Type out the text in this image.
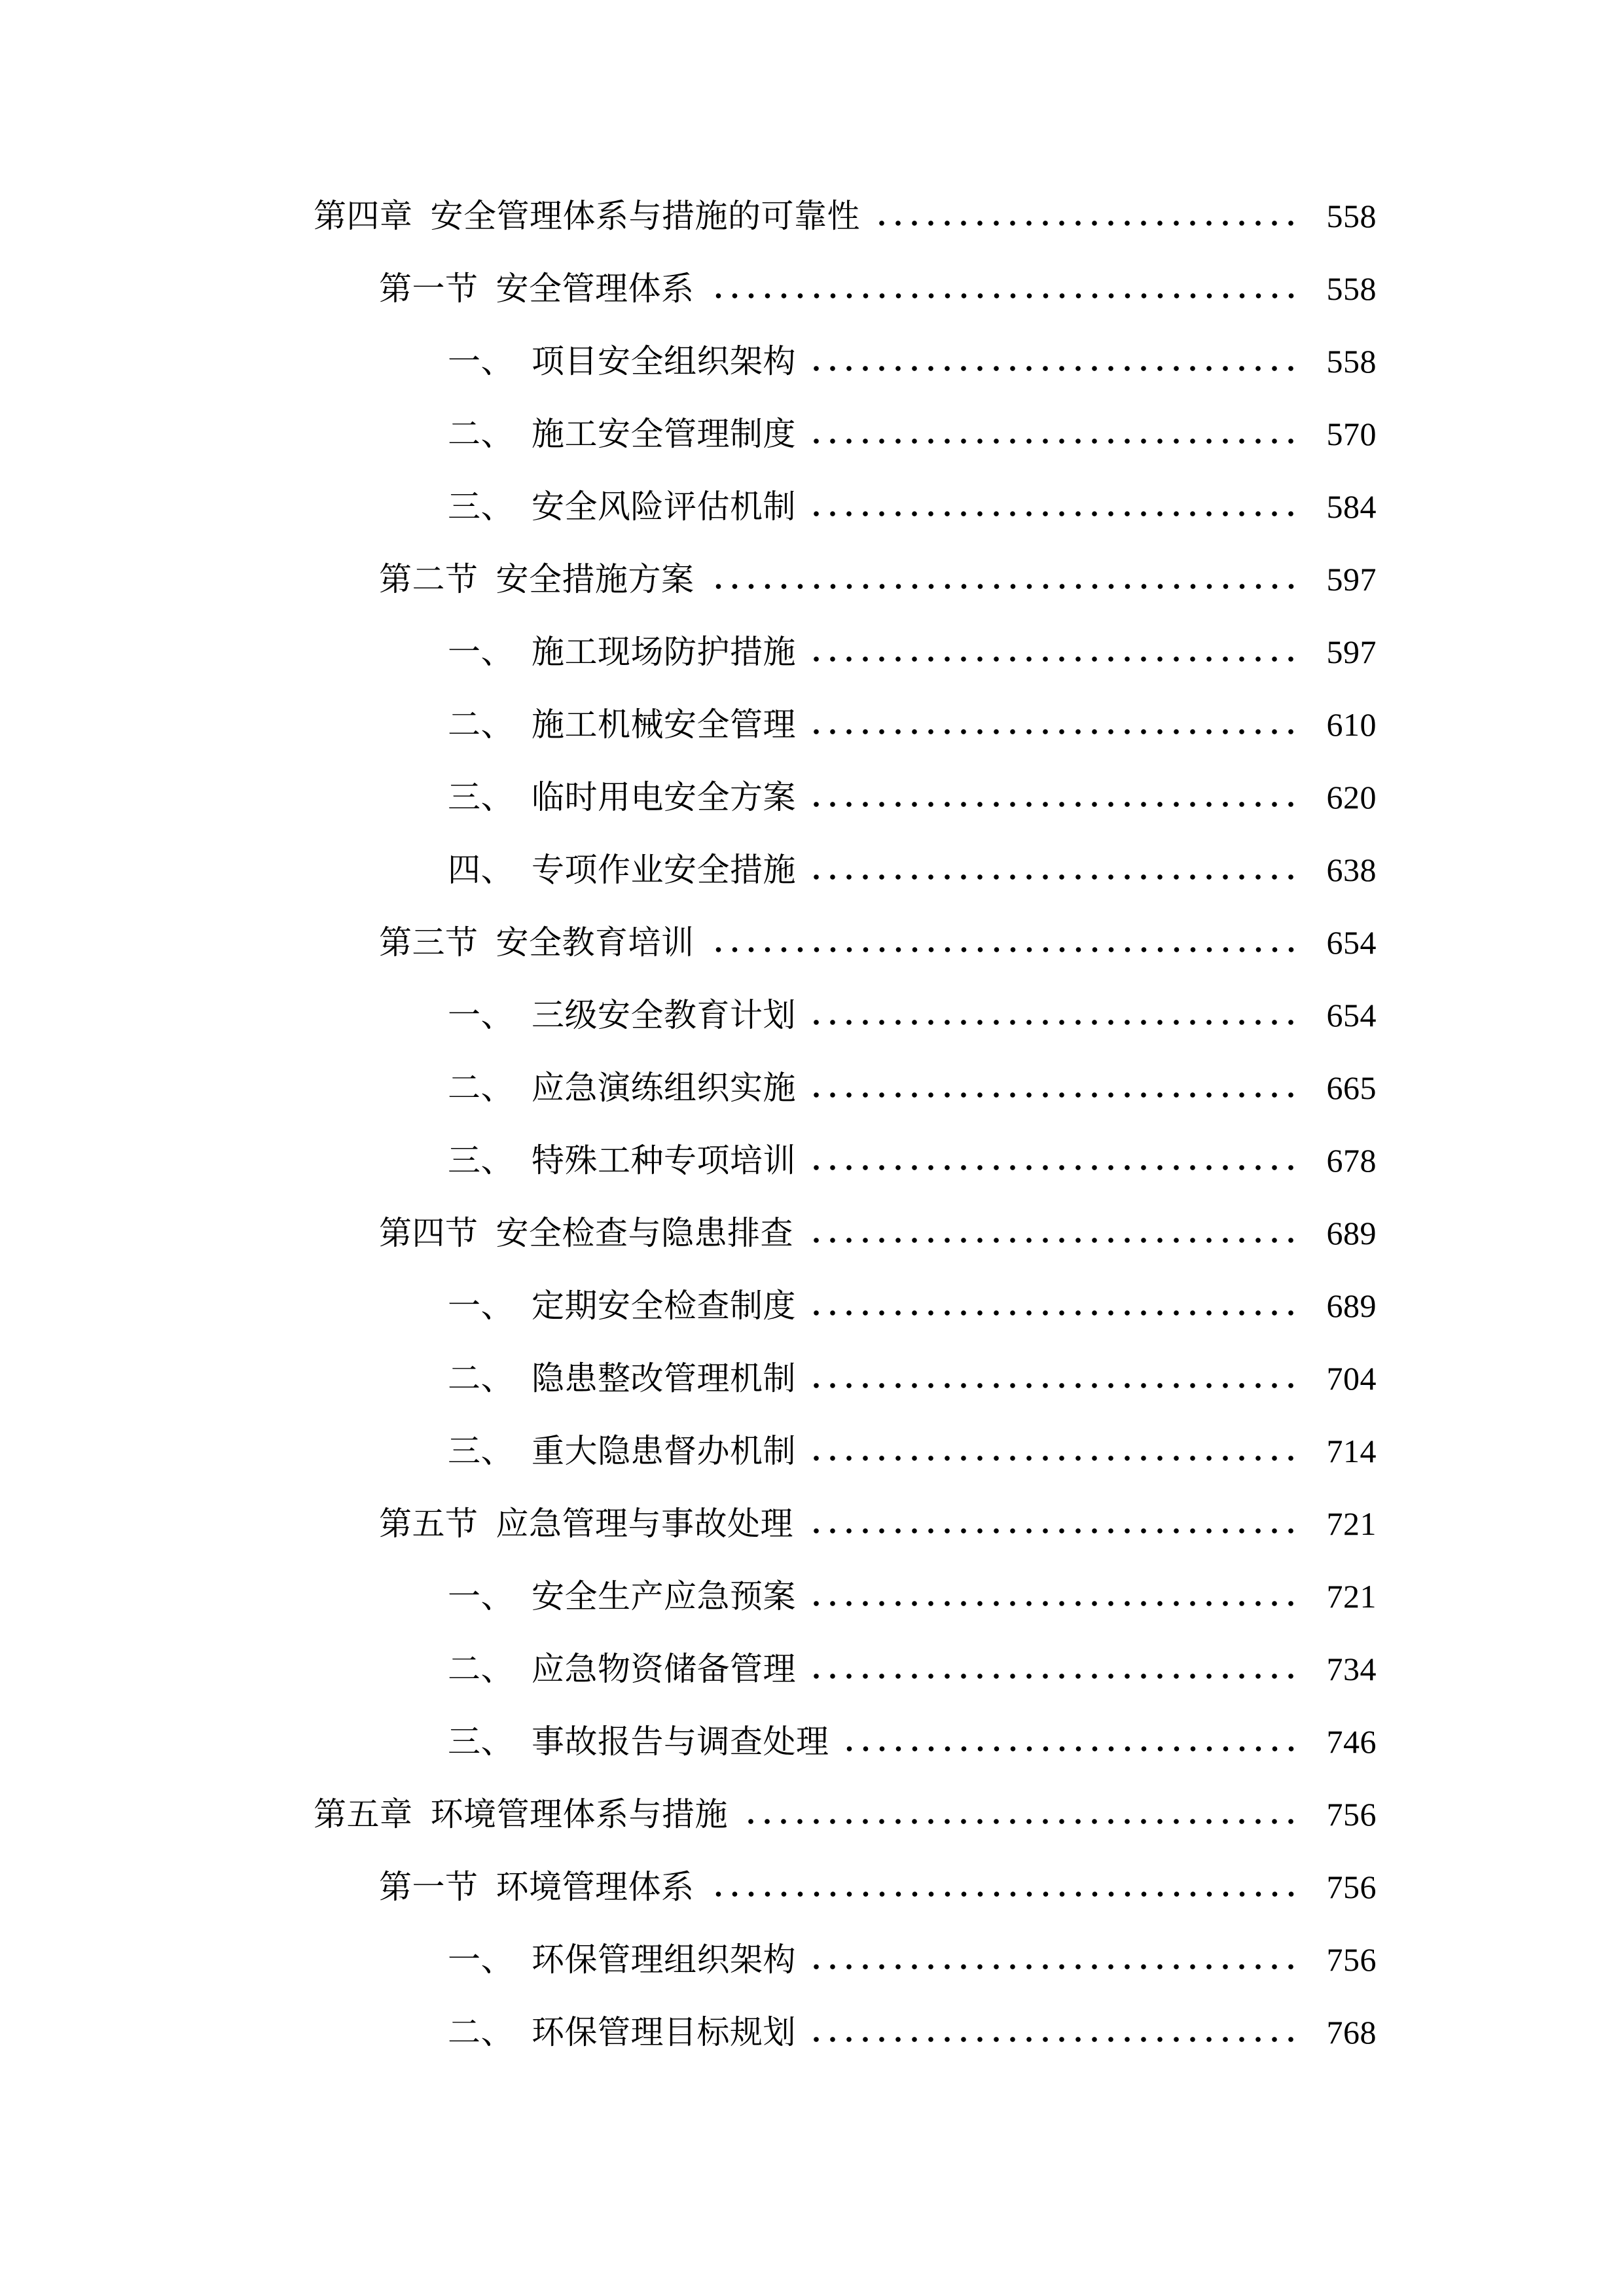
第四章 安全管理体系与措施的可靠性	558
第一节 安全管理体系	558
一、 项目安全组织架构	558
二、 施工安全管理制度	570
三、 安全风险评估机制	584
第二节 安全措施方案	597
一、 施工现场防护措施	597
二、 施工机械安全管理	610
三、 临时用电安全方案	620
四、 专项作业安全措施	638
第三节 安全教育培训	654
一、 三级安全教育计划	654
二、 应急演练组织实施	665
三、 特殊工种专项培训	678
第四节 安全检查与隐患排查	689
一、 定期安全检查制度	689
二、 隐患整改管理机制	704
三、 重大隐患督办机制	714
第五节 应急管理与事故处理	721
一、 安全生产应急预案	721
二、 应急物资储备管理	734
三、 事故报告与调查处理	746
第五章 环境管理体系与措施	756
第一节 环境管理体系	756
一、 环保管理组织架构	756
二、 环保管理目标规划	768
